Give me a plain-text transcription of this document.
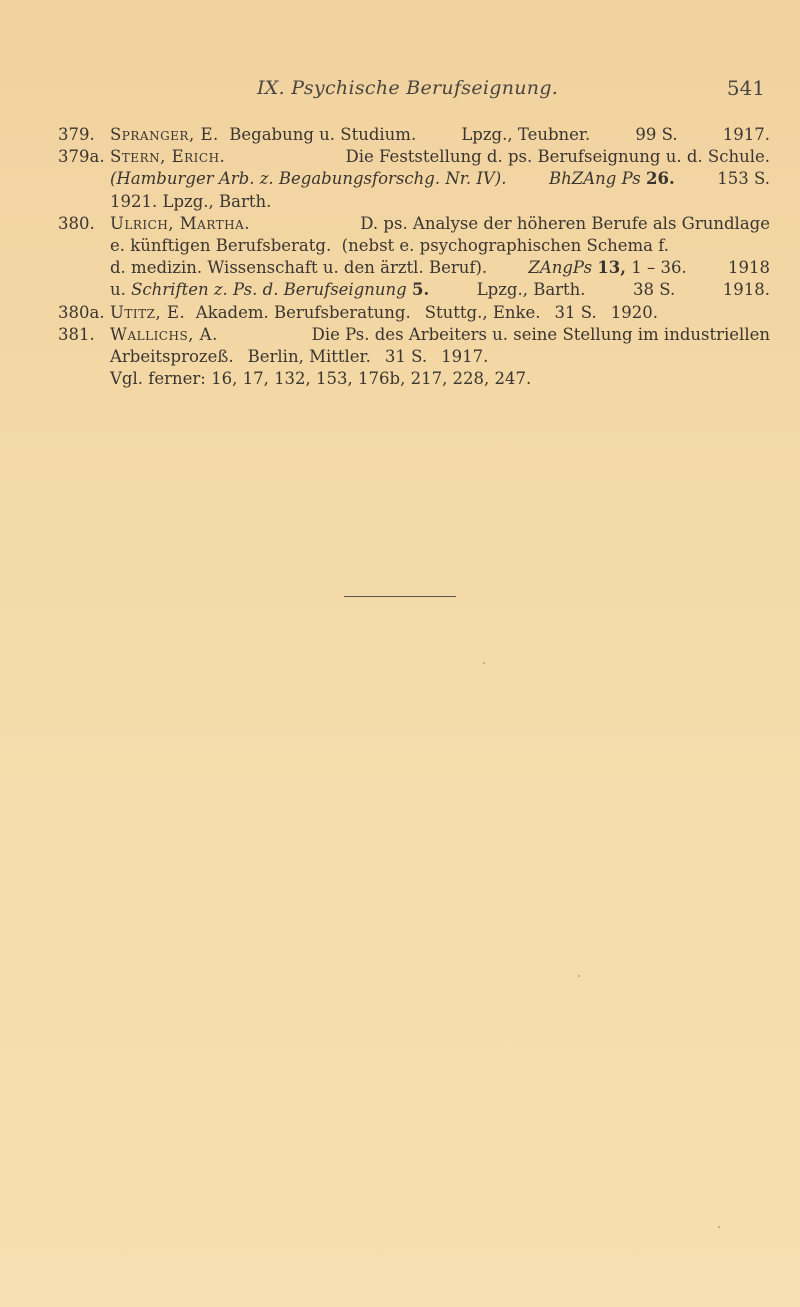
IX. Psychische Berufseignung.	541
379. Spranger, E. Begabung u. Studium.	Lpzg., Teubner.	99 S.	1917.
379a. Stern, Erich.	Die Feststellung d. ps. Berufseignung u. d. Schule.
(Hamburger Arb. z. Begabungsforschg. Nr. IV).	BhZAng Ps 26.	153 S.
1921. Lpzg., Barth.
380. Ulrich, Martha.	D. ps. Analyse der höheren Berufe als Grundlage
e. künftigen Berufsberatg.  (nebst e. psychographischen Schema f.
d. medizin. Wissenschaft u. den ärztl. Beruf). ZAngPs 13, 1 – 36. 1918
u. Schriften z. Ps. d. Berufseignung 5.	Lpzg., Barth.	38 S.	1918.
380a. Utitz, E. Akadem. Berufsberatung. Stuttg., Enke. 31 S. 1920.
381. Wallichs, A.	Die Ps. des Arbeiters u. seine Stellung im industriellen
Arbeitsprozeß. Berlin, Mittler. 31 S. 1917.
Vgl. ferner: 16, 17, 132, 153, 176b, 217, 228, 247.
